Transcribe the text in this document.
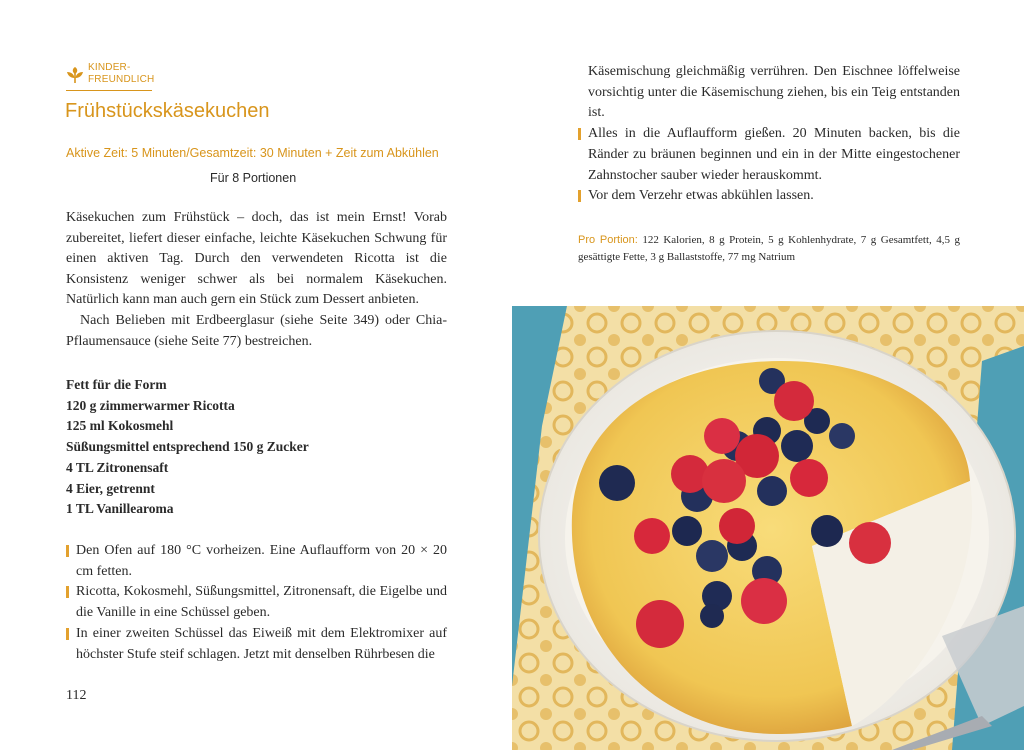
KINDER-
FREUNDLICH
Frühstückskäsekuchen
Aktive Zeit: 5 Minuten/Gesamtzeit: 30 Minuten + Zeit zum Abkühlen
Für 8 Portionen

Käsekuchen zum Frühstück – doch, das ist mein Ernst! Vorab zubereitet, liefert dieser einfache, leichte Käsekuchen Schwung für einen aktiven Tag. Durch den verwendeten Ricotta ist die Konsistenz weniger schwer als bei normalem Käsekuchen. Natürlich kann man auch gern ein Stück zum Dessert anbieten.

Nach Belieben mit Erdbeerglasur (siehe Seite 349) oder Chia-Pflaumensauce (siehe Seite 77) bestreichen.

Fett für die Form
120 g zimmerwarmer Ricotta
125 ml Kokosmehl
Süßungsmittel entsprechend 150 g Zucker
4 TL Zitronensaft
4 Eier, getrennt
1 TL Vanillearoma
Den Ofen auf 180 °C vorheizen. Eine Auflaufform von 20 × 20 cm fetten.
Ricotta, Kokosmehl, Süßungsmittel, Zitronensaft, die Eigelbe und die Vanille in eine Schüssel geben.
In einer zweiten Schüssel das Eiweiß mit dem Elektromixer auf höchster Stufe steif schlagen. Jetzt mit denselben Rührbesen die
112
Käsemischung gleichmäßig verrühren. Den Eischnee löffelweise vorsichtig unter die Käsemischung ziehen, bis ein Teig entstanden ist.
Alles in die Auflaufform gießen. 20 Minuten backen, bis die Ränder zu bräunen beginnen und ein in der Mitte eingestochener Zahnstocher sauber wieder herauskommt.
Vor dem Verzehr etwas abkühlen lassen.
Pro Portion: 122 Kalorien, 8 g Protein, 5 g Kohlenhydrate, 7 g Gesamtfett, 4,5 g gesättigte Fette, 3 g Ballaststoffe, 77 mg Natrium
